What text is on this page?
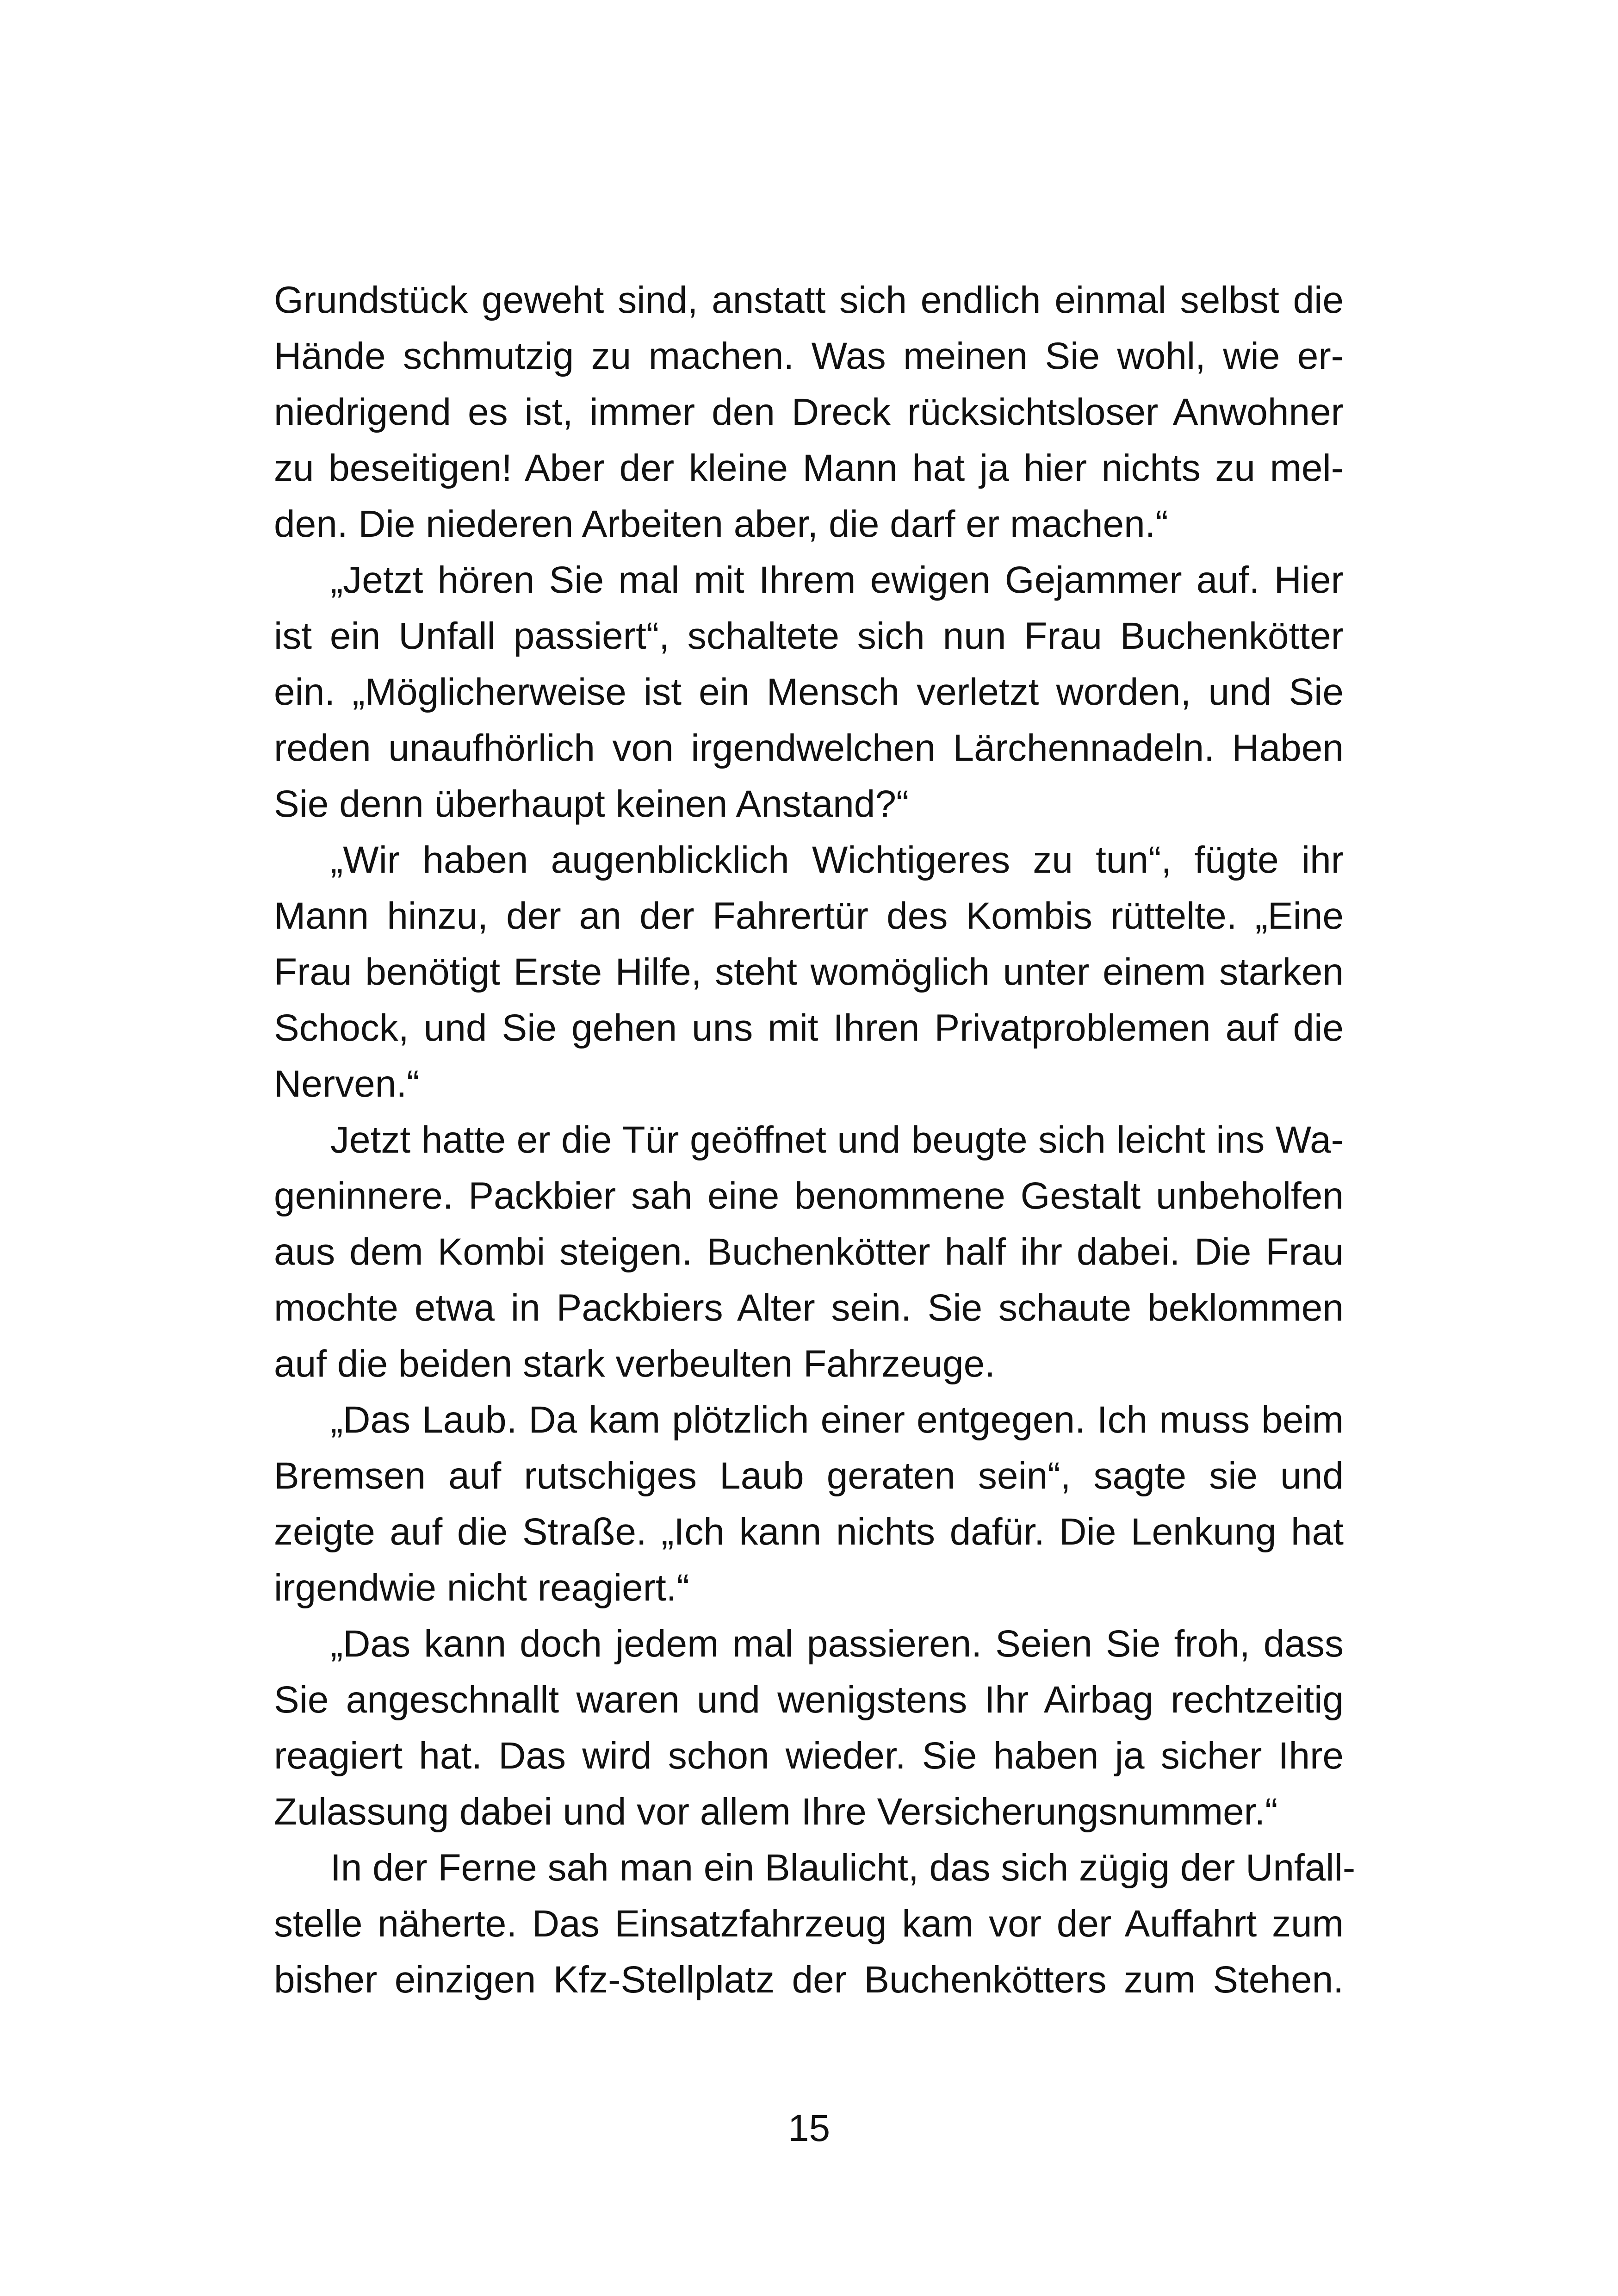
Grundstück geweht sind, anstatt sich endlich einmal selbst die
Hände schmutzig zu machen. Was meinen Sie wohl, wie er-
niedrigend es ist, immer den Dreck rücksichtsloser Anwohner
zu beseitigen! Aber der kleine Mann hat ja hier nichts zu mel-
den. Die niederen Arbeiten aber, die darf er machen.“
„Jetzt hören Sie mal mit Ihrem ewigen Gejammer auf. Hier
ist ein Unfall passiert“, schaltete sich nun Frau Buchenkötter
ein. „Möglicherweise ist ein Mensch verletzt worden, und Sie
reden unaufhörlich von irgendwelchen Lärchennadeln. Haben
Sie denn überhaupt keinen Anstand?“
„Wir haben augenblicklich Wichtigeres zu tun“, fügte ihr
Mann hinzu, der an der Fahrertür des Kombis rüttelte. „Eine
Frau benötigt Erste Hilfe, steht womöglich unter einem starken
Schock, und Sie gehen uns mit Ihren Privatproblemen auf die
Nerven.“
Jetzt hatte er die Tür geöffnet und beugte sich leicht ins Wa-
geninnere. Packbier sah eine benommene Gestalt unbeholfen
aus dem Kombi steigen. Buchenkötter half ihr dabei. Die Frau
mochte etwa in Packbiers Alter sein. Sie schaute beklommen
auf die beiden stark verbeulten Fahrzeuge.
„Das Laub. Da kam plötzlich einer entgegen. Ich muss beim
Bremsen auf rutschiges Laub geraten sein“, sagte sie und
zeigte auf die Straße. „Ich kann nichts dafür. Die Lenkung hat
irgendwie nicht reagiert.“
„Das kann doch jedem mal passieren. Seien Sie froh, dass
Sie angeschnallt waren und wenigstens Ihr Airbag rechtzeitig
reagiert hat. Das wird schon wieder. Sie haben ja sicher Ihre
Zulassung dabei und vor allem Ihre Versicherungsnummer.“
In der Ferne sah man ein Blaulicht, das sich zügig der Unfall-
stelle näherte. Das Einsatzfahrzeug kam vor der Auffahrt zum
bisher einzigen Kfz-Stellplatz der Buchenkötters zum Stehen.
15
